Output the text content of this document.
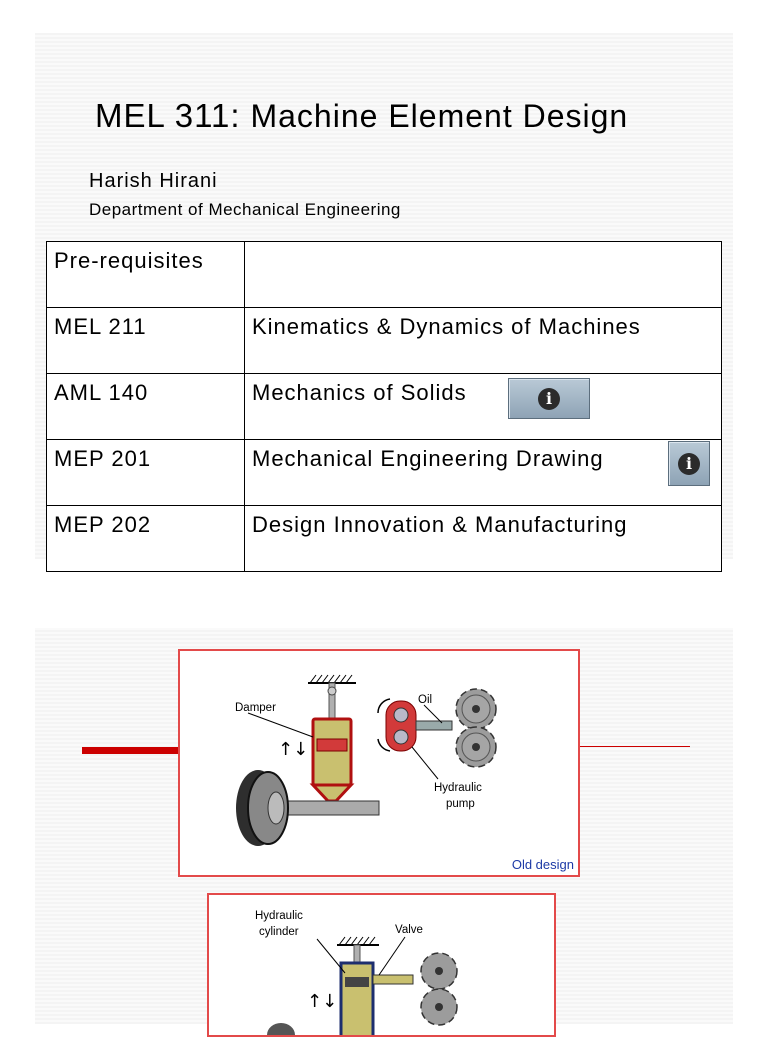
MEL 311: Machine Element Design
Harish Hirani
Department of Mechanical Engineering
Pre-requisites	
MEL 211	Kinematics & Dynamics of Machines
AML 140	Mechanics of Solids
MEP 201	Mechanical Engineering Drawing
MEP 202	Design Innovation & Manufacturing
i
i
↑↓
Damper
Oil
Hydraulic
pump
Old design
↑↓
Hydraulic
cylinder	Valve
